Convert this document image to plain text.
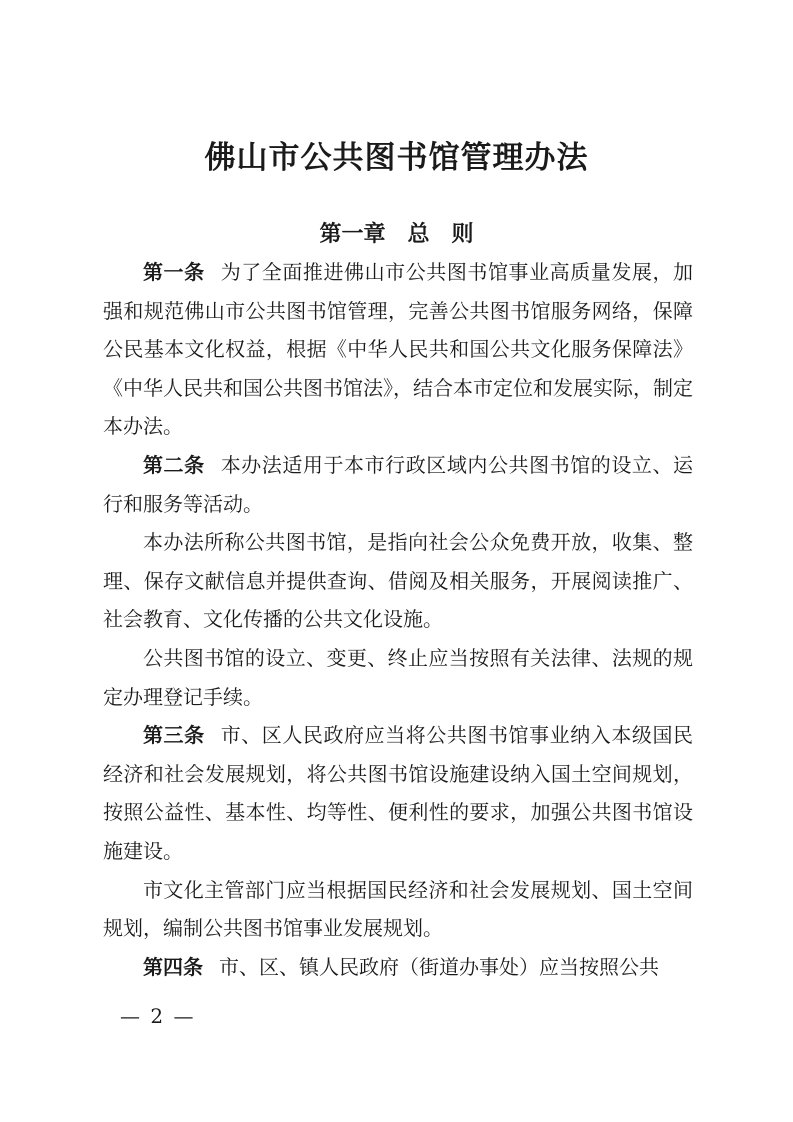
佛山市公共图书馆管理办法
第一章　总　则

第一条 为了全面推进佛山市公共图书馆事业高质量发展，加强和规范佛山市公共图书馆管理，完善公共图书馆服务网络，保障公民基本文化权益，根据《中华人民共和国公共文化服务保障法》《中华人民共和国公共图书馆法》，结合本市定位和发展实际，制定本办法。

第二条 本办法适用于本市行政区域内公共图书馆的设立、运行和服务等活动。

本办法所称公共图书馆，是指向社会公众免费开放，收集、整理、保存文献信息并提供查询、借阅及相关服务，开展阅读推广、社会教育、文化传播的公共文化设施。

公共图书馆的设立、变更、终止应当按照有关法律、法规的规定办理登记手续。

第三条 市、区人民政府应当将公共图书馆事业纳入本级国民经济和社会发展规划，将公共图书馆设施建设纳入国土空间规划，按照公益性、基本性、均等性、便利性的要求，加强公共图书馆设施建设。

市文化主管部门应当根据国民经济和社会发展规划、国土空间规划，编制公共图书馆事业发展规划。

第四条 市、区、镇人民政府（街道办事处）应当按照公共

— 2 —
